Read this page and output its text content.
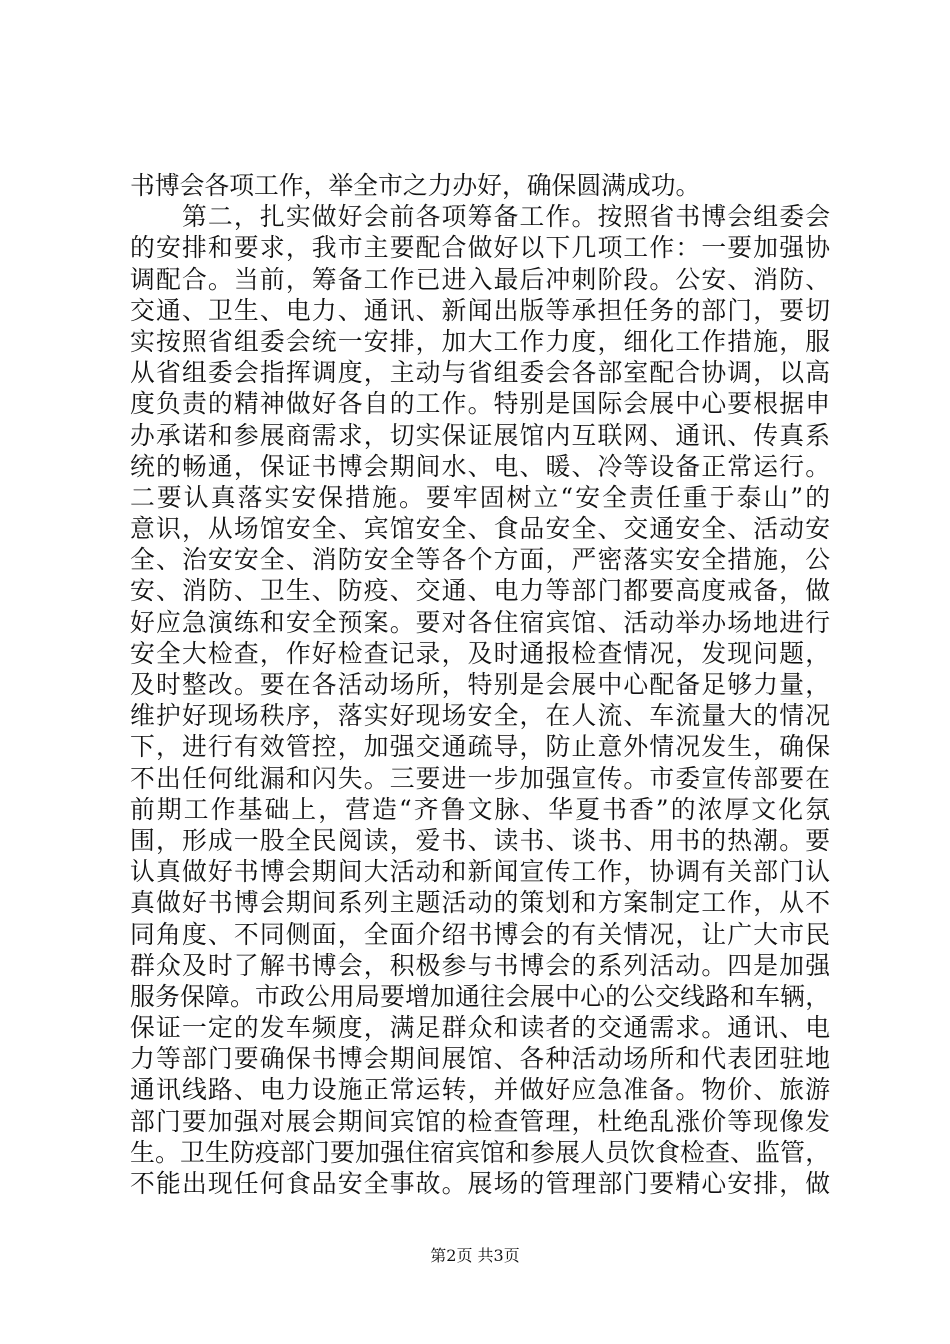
书博会各项工作，举全市之力办好，确保圆满成功。
　　第二，扎实做好会前各项筹备工作。按照省书博会组委会
的安排和要求，我市主要配合做好以下几项工作：一要加强协
调配合。当前，筹备工作已进入最后冲刺阶段。公安、消防、
交通、卫生、电力、通讯、新闻出版等承担任务的部门，要切
实按照省组委会统一安排，加大工作力度，细化工作措施，服
从省组委会指挥调度，主动与省组委会各部室配合协调，以高
度负责的精神做好各自的工作。特别是国际会展中心要根据申
办承诺和参展商需求，切实保证展馆内互联网、通讯、传真系
统的畅通，保证书博会期间水、电、暖、冷等设备正常运行。
二要认真落实安保措施。要牢固树立“安全责任重于泰山”的
意识，从场馆安全、宾馆安全、食品安全、交通安全、活动安
全、治安安全、消防安全等各个方面，严密落实安全措施，公
安、消防、卫生、防疫、交通、电力等部门都要高度戒备，做
好应急演练和安全预案。要对各住宿宾馆、活动举办场地进行
安全大检查，作好检查记录，及时通报检查情况，发现问题，
及时整改。要在各活动场所，特别是会展中心配备足够力量，
维护好现场秩序，落实好现场安全，在人流、车流量大的情况
下，进行有效管控，加强交通疏导，防止意外情况发生，确保
不出任何纰漏和闪失。三要进一步加强宣传。市委宣传部要在
前期工作基础上，营造“齐鲁文脉、华夏书香”的浓厚文化氛
围，形成一股全民阅读，爱书、读书、谈书、用书的热潮。要
认真做好书博会期间大活动和新闻宣传工作，协调有关部门认
真做好书博会期间系列主题活动的策划和方案制定工作，从不
同角度、不同侧面，全面介绍书博会的有关情况，让广大市民
群众及时了解书博会，积极参与书博会的系列活动。四是加强
服务保障。市政公用局要增加通往会展中心的公交线路和车辆，
保证一定的发车频度，满足群众和读者的交通需求。通讯、电
力等部门要确保书博会期间展馆、各种活动场所和代表团驻地
通讯线路、电力设施正常运转，并做好应急准备。物价、旅游
部门要加强对展会期间宾馆的检查管理，杜绝乱涨价等现像发
生。卫生防疫部门要加强住宿宾馆和参展人员饮食检查、监管，
不能出现任何食品安全事故。展场的管理部门要精心安排，做
第2页 共3页
